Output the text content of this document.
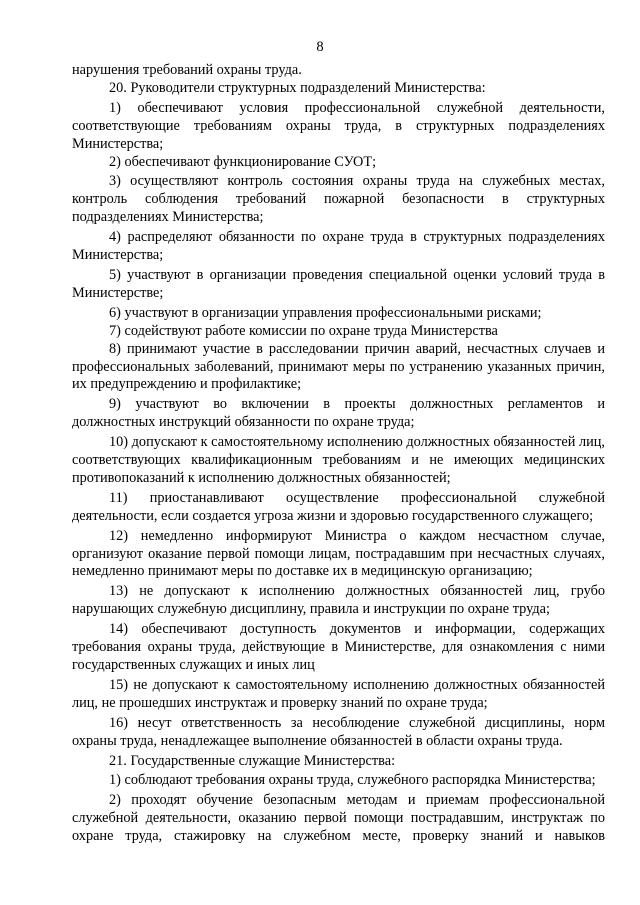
8

нарушения требований охраны труда.

20. Руководители структурных подразделений Министерства:

1) обеспечивают условия профессиональной служебной деятельности, соответствующие требованиям охраны труда, в структурных подразделениях Министерства;

2) обеспечивают функционирование СУОТ;

3) осуществляют контроль состояния охраны труда на служебных местах, контроль соблюдения требований пожарной безопасности в структурных подразделениях Министерства;

4) распределяют обязанности по охране труда в структурных подразделениях Министерства;

5) участвуют в организации проведения специальной оценки условий труда в Министерстве;

6) участвуют в организации управления профессиональными рисками;

7) содействуют работе комиссии по охране труда Министерства

8) принимают участие в расследовании причин аварий, несчастных случаев и профессиональных заболеваний, принимают меры по устранению указанных причин, их предупреждению и профилактике;

9) участвуют во включении в проекты должностных регламентов и должностных инструкций обязанности по охране труда;

10) допускают к самостоятельному исполнению должностных обязанностей лиц, соответствующих квалификационным требованиям и не имеющих медицинских противопоказаний к исполнению должностных обязанностей;

11) приостанавливают осуществление профессиональной служебной деятельности, если создается угроза жизни и здоровью государственного служащего;

12) немедленно информируют Министра о каждом несчастном случае, организуют оказание первой помощи лицам, пострадавшим при несчастных случаях, немедленно принимают меры по доставке их в медицинскую организацию;

13) не допускают к исполнению должностных обязанностей лиц, грубо нарушающих служебную дисциплину, правила и инструкции по охране труда;

14) обеспечивают доступность документов и информации, содержащих требования охраны труда, действующие в Министерстве, для ознакомления с ними государственных служащих и иных лиц

15) не допускают к самостоятельному исполнению должностных обязанностей лиц, не прошедших инструктаж и проверку знаний по охране труда;

16) несут ответственность за несоблюдение служебной дисциплины, норм охраны труда, ненадлежащее выполнение обязанностей в области охраны труда.

21. Государственные служащие Министерства:

1) соблюдают требования охраны труда, служебного распорядка Министерства;

2) проходят обучение безопасным методам и приемам профессиональной служебной деятельности, оказанию первой помощи пострадавшим, инструктаж по охране труда, стажировку на служебном месте, проверку знаний и навыков
